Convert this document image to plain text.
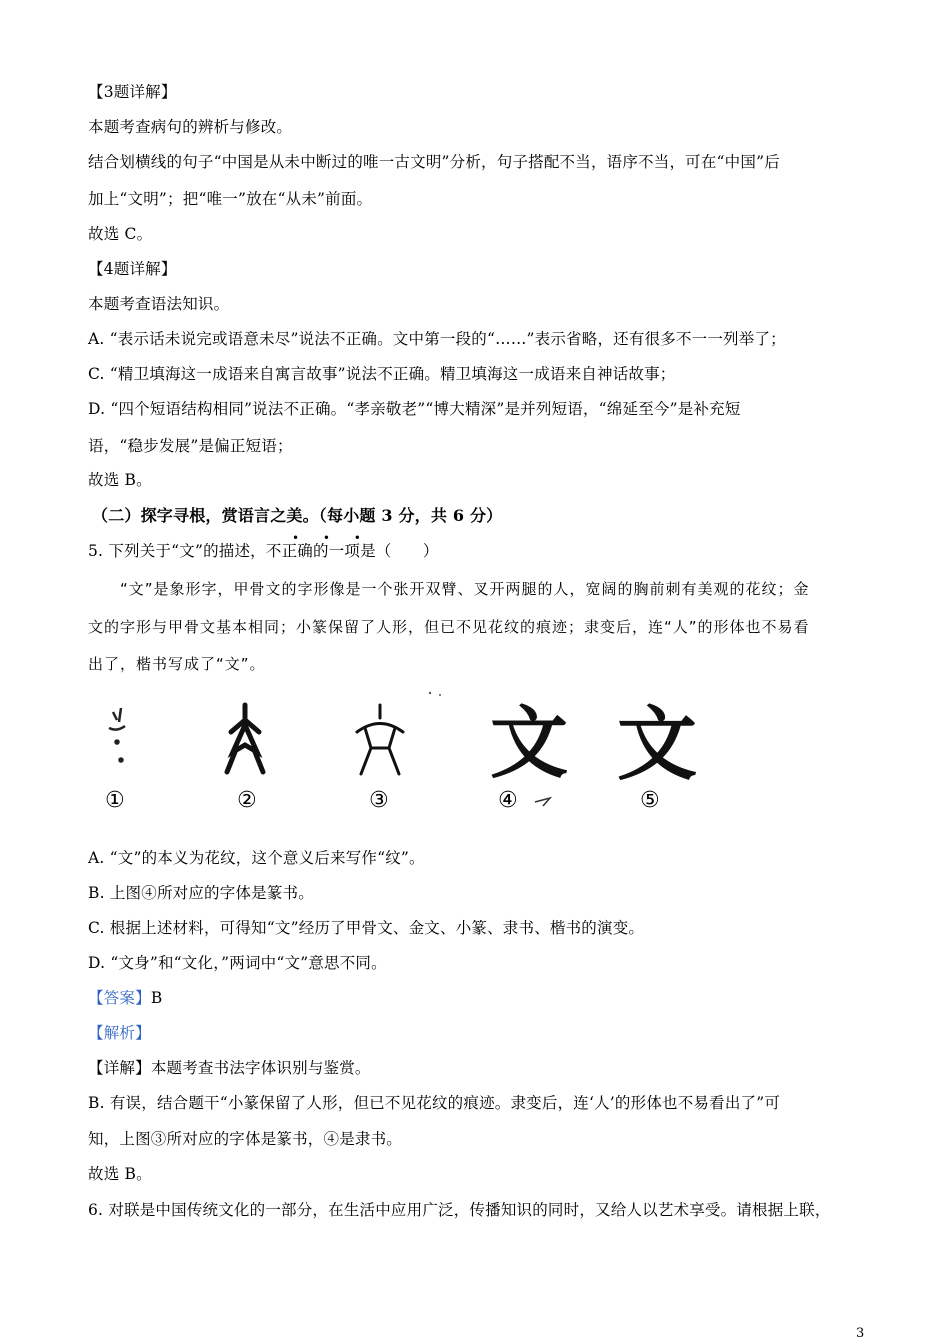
【3题详解】
本题考查病句的辨析与修改。
结合划横线的句子“中国是从未中断过的唯一古文明”分析，句子搭配不当，语序不当，可在“中国”后
加上“文明”；把“唯一”放在“从未”前面。
故选 C。
【4题详解】
本题考查语法知识。
A. “表示话未说完或语意未尽”说法不正确。文中第一段的“……”表示省略，还有很多不一一列举了；
C. “精卫填海这一成语来自寓言故事”说法不正确。精卫填海这一成语来自神话故事；
D. “四个短语结构相同”说法不正确。“孝亲敬老”“博大精深”是并列短语，“绵延至今”是补充短
语，“稳步发展”是偏正短语；
故选 B。
（二）探字寻根，赏语言之美。（每小题 3 分，共 6 分）
• • •
5. 下列关于“文”的描述，不正确的一项是（　　）
“文”是象形字，甲骨文的字形像是一个张开双臂、叉开两腿的人，宽阔的胸前刺有美观的花纹；金
文的字形与甲骨文基本相同；小篆保留了人形，但已不见花纹的痕迹；隶变后，连“人”的形体也不易看
出了，楷书写成了“文”。
文 文
①	②	③	④	⑤
A. “文”的本义为花纹，这个意义后来写作“纹”。
B. 上图④所对应的字体是篆书。
C. 根据上述材料，可得知“文”经历了甲骨文、金文、小篆、隶书、楷书的演变。
D. “文身”和“文化，”两词中“文”意思不同。
【答案】B
【解析】
【详解】本题考查书法字体识别与鉴赏。
B. 有误，结合题干“小篆保留了人形，但已不见花纹的痕迹。隶变后，连‘人’的形体也不易看出了”可
知，上图③所对应的字体是篆书，④是隶书。
故选 B。
6. 对联是中国传统文化的一部分，在生活中应用广泛，传播知识的同时，又给人以艺术享受。请根据上联，
3
